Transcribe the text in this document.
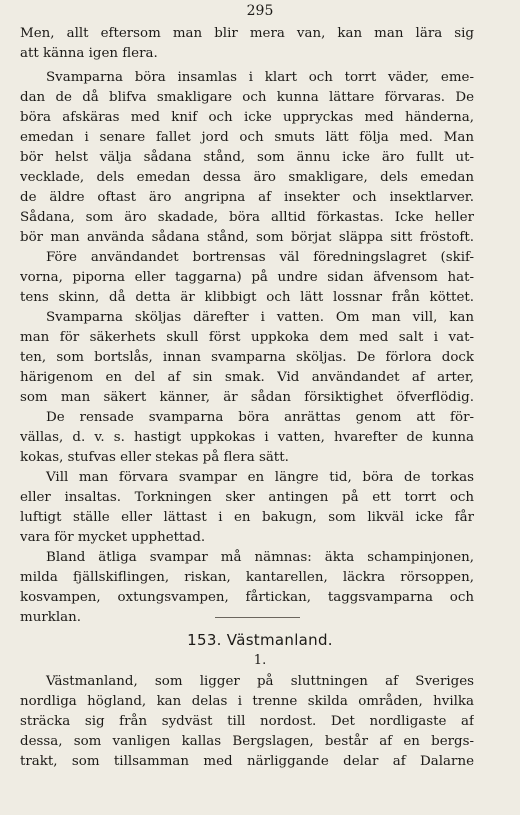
295
Men, allt eftersom man blir mera van, kan man lära sig
att känna igen flera.
Svamparna böra insamlas i klart och torrt väder, eme-
dan de då blifva smakligare och kunna lättare förvaras. De
böra afskäras med knif och icke uppryckas med händerna,
emedan i senare fallet jord och smuts lätt följa med. Man
bör helst välja sådana stånd, som ännu icke äro fullt ut-
vecklade, dels emedan dessa äro smakligare, dels emedan
de äldre oftast äro angripna af insekter och insektlarver.
Sådana, som äro skadade, böra alltid förkastas. Icke heller
bör man använda sådana stånd, som börjat släppa sitt fröstoft.
Före användandet bortrensas väl föredningslagret (skif-
vorna, piporna eller taggarna) på undre sidan äfvensom hat-
tens skinn, då detta är klibbigt och lätt lossnar från köttet.
Svamparna sköljas därefter i vatten. Om man vill, kan
man för säkerhets skull först uppkoka dem med salt i vat-
ten, som bortslås, innan svamparna sköljas. De förlora dock
härigenom en del af sin smak. Vid användandet af arter,
som man säkert känner, är sådan försiktighet öfverflödig.
De rensade svamparna böra anrättas genom att för-
vällas, d. v. s. hastigt uppkokas i vatten, hvarefter de kunna
kokas, stufvas eller stekas på flera sätt.
Vill man förvara svampar en längre tid, böra de torkas
eller insaltas. Torkningen sker antingen på ett torrt och
luftigt ställe eller lättast i en bakugn, som likväl icke får
vara för mycket upphettad.
Bland ätliga svampar må nämnas: äkta schampinjonen,
milda fjällskiflingen, riskan, kantarellen, läckra rörsoppen,
kosvampen, oxtungsvampen, fårtickan, taggsvamparna och
murklan.
153. Västmanland.
1.
Västmanland, som ligger på sluttningen af Sveriges
nordliga högland, kan delas i trenne skilda områden, hvilka
sträcka sig från sydväst till nordost. Det nordligaste af
dessa, som vanligen kallas Bergslagen, består af en bergs-
trakt, som tillsamman med närliggande delar af Dalarne
